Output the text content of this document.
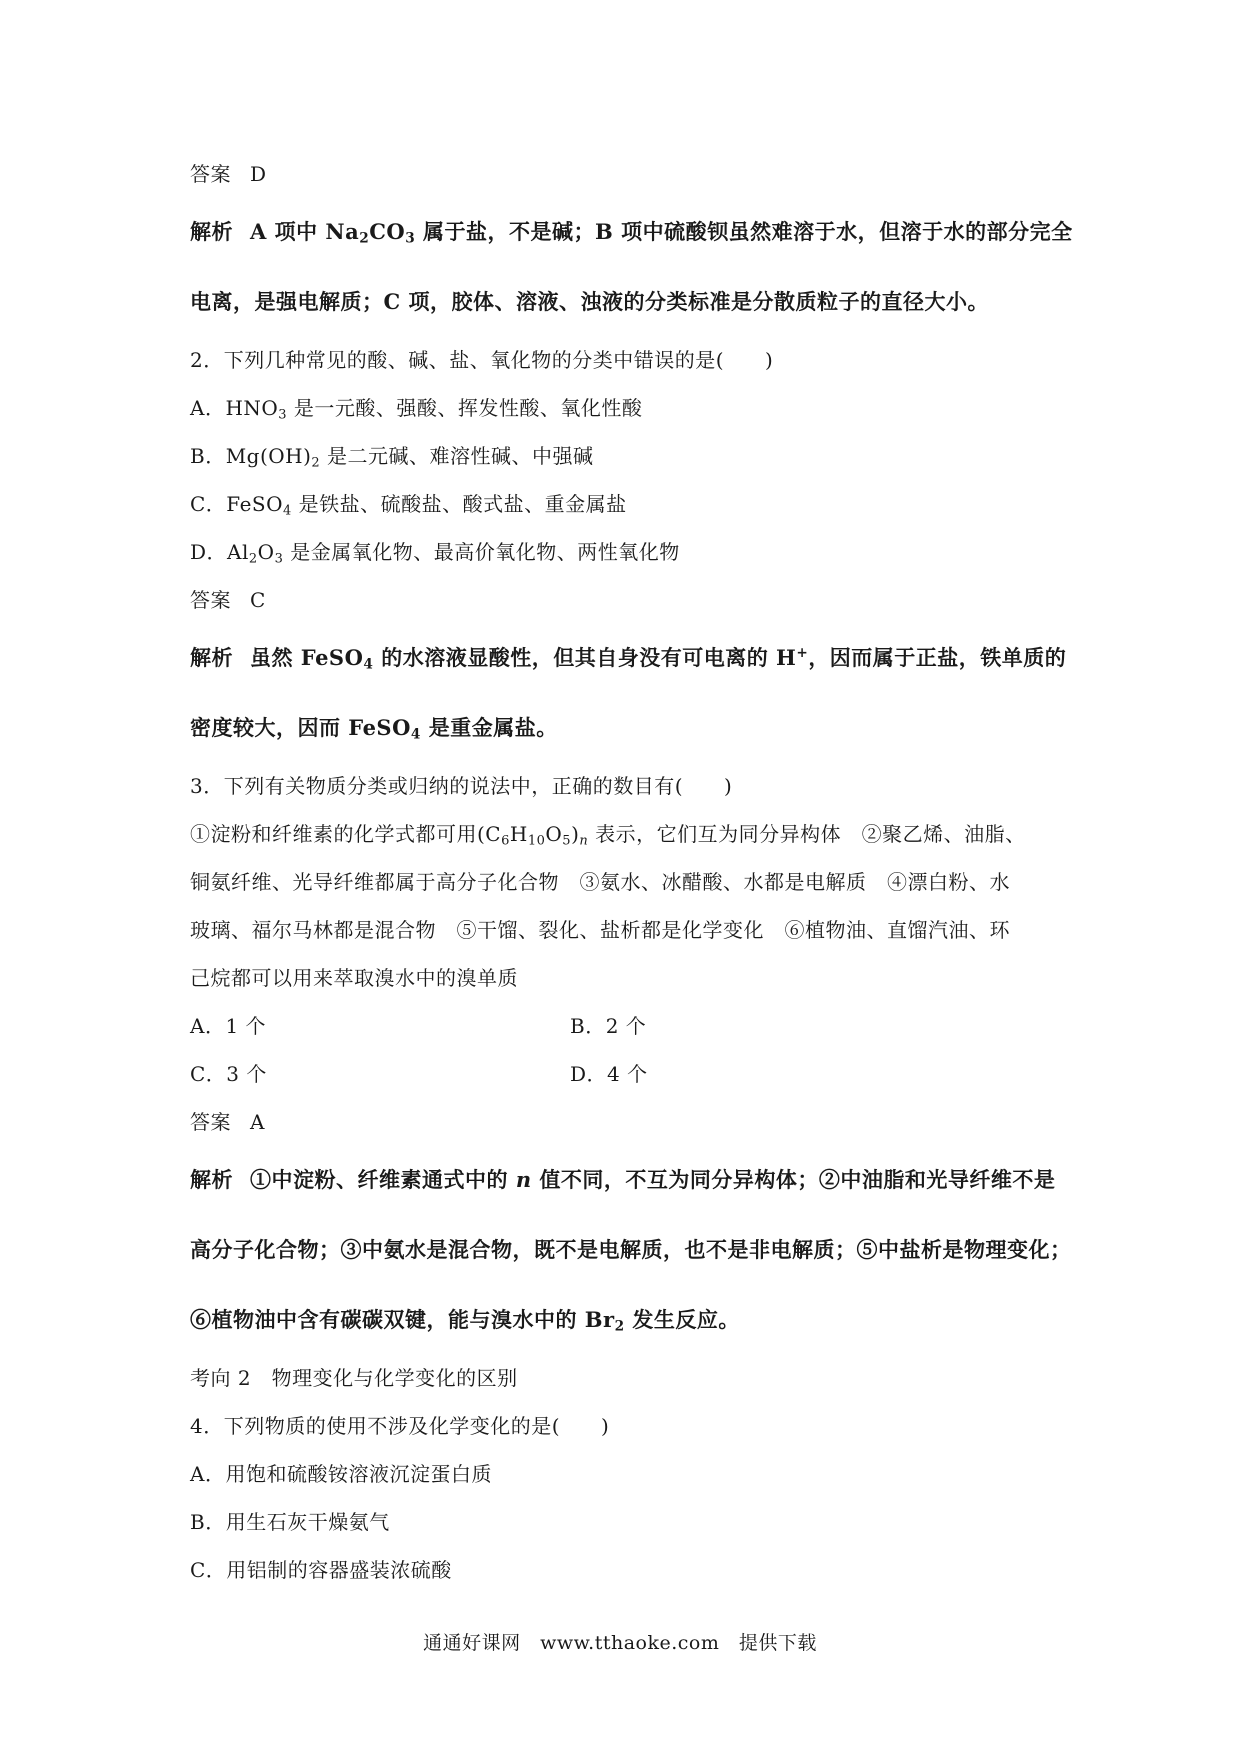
答案 D

解析 A 项中 $Na_2CO_3$ 属于盐，不是碱；B 项中硫酸钡虽然难溶于水，但溶于水的部分完全

电离，是强电解质；C 项，胶体、溶液、浊液的分类标准是分散质粒子的直径大小。

2．下列几种常见的酸、碱、盐、氧化物的分类中错误的是(　　)

A．$HNO_3$ 是一元酸、强酸、挥发性酸、氧化性酸

B．$Mg(OH)_2$ 是二元碱、难溶性碱、中强碱

C．FeSO$_4$ 是铁盐、硫酸盐、酸式盐、重金属盐

D．$Al_2O_3$ 是金属氧化物、最高价氧化物、两性氧化物

答案 C

解析 虽然 FeSO$_4$ 的水溶液显酸性，但其自身没有可电离的 H+，因而属于正盐，铁单质的

密度较大，因而 FeSO$_4$ 是重金属盐。

3．下列有关物质分类或归纳的说法中，正确的数目有(　　)

①淀粉和纤维素的化学式都可用$(C_6H_{10}O_5)_n$ 表示，它们互为同分异构体　②聚乙烯、油脂、

铜氨纤维、光导纤维都属于高分子化合物　③氨水、冰醋酸、水都是电解质　④漂白粉、水

玻璃、福尔马林都是混合物　⑤干馏、裂化、盐析都是化学变化　⑥植物油、直馏汽油、环

己烷都可以用来萃取溴水中的溴单质

A．1 个	B．2 个

C．3 个	D．4 个

答案 A

解析 ①中淀粉、纤维素通式中的 n 值不同，不互为同分异构体；②中油脂和光导纤维不是

高分子化合物；③中氨水是混合物，既不是电解质，也不是非电解质；⑤中盐析是物理变化；

⑥植物油中含有碳碳双键，能与溴水中的 $Br_2$ 发生反应。

考向 2　物理变化与化学变化的区别

4．下列物质的使用不涉及化学变化的是(　　)

A．用饱和硫酸铵溶液沉淀蛋白质

B．用生石灰干燥氨气

C．用铝制的容器盛装浓硫酸

通通好课网　www.tthaoke.com　提供下载
